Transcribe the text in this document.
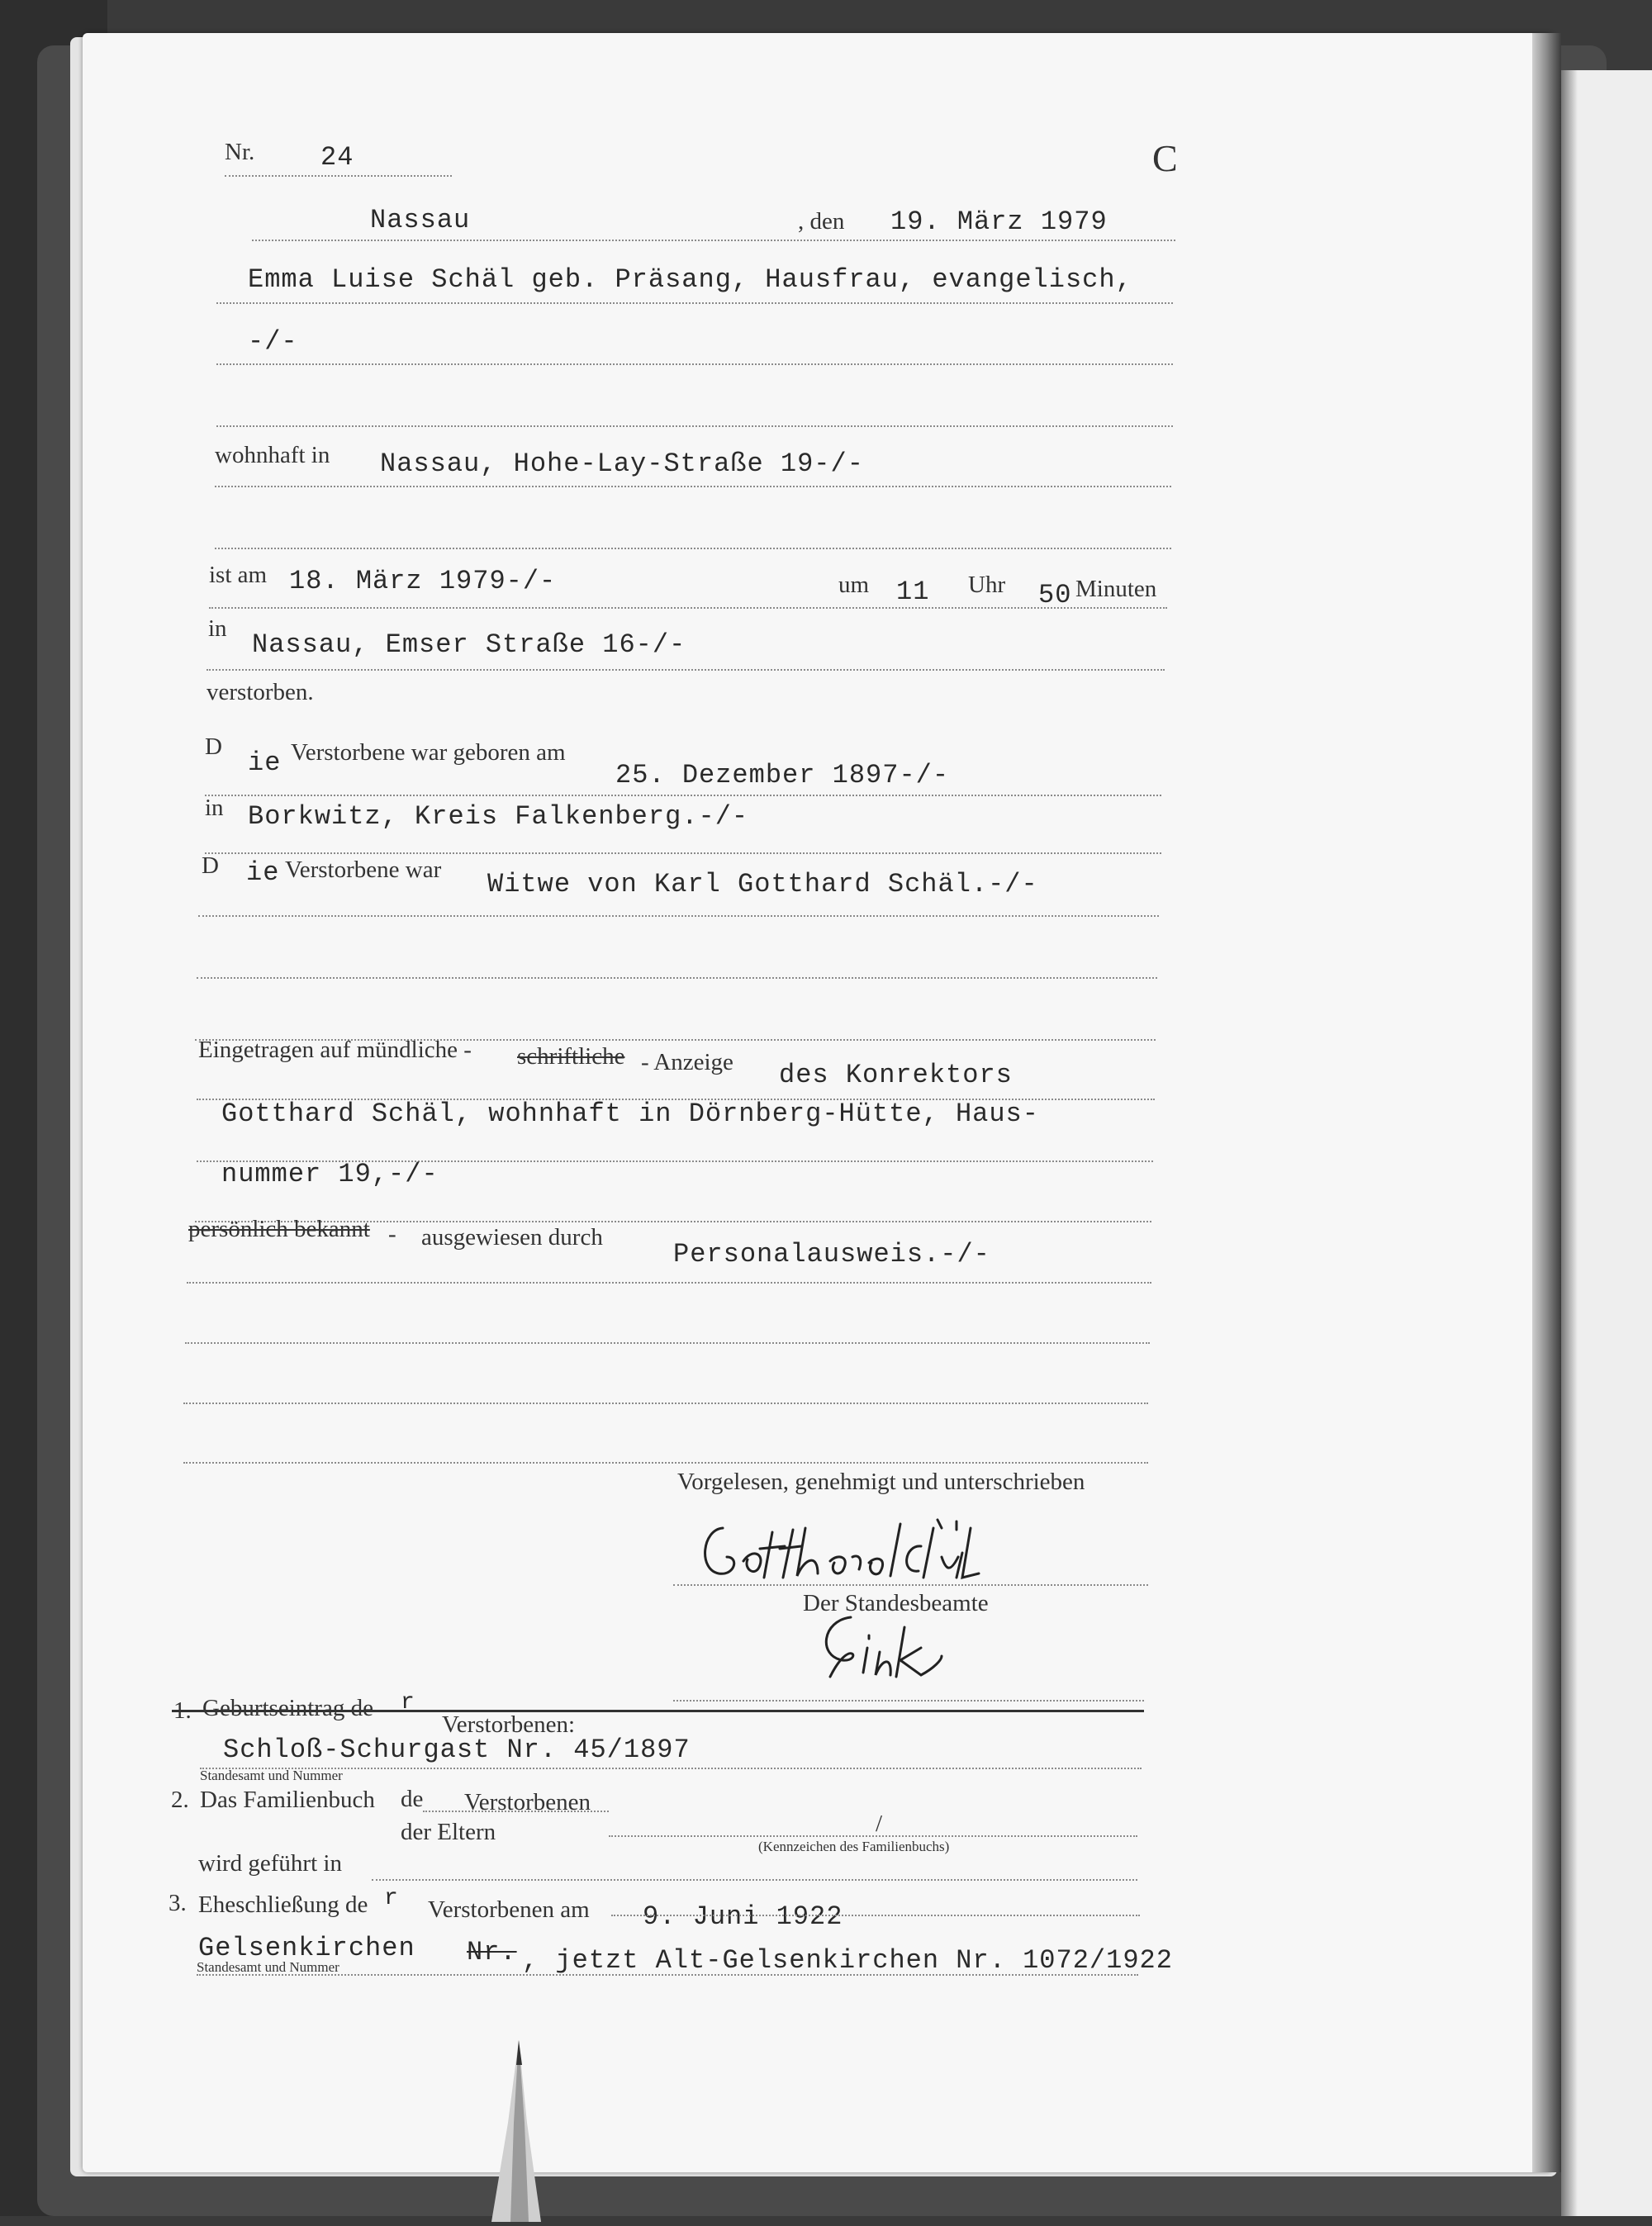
Nr. 24	C
Nassau	, den 19. März 1979
Emma Luise Schäl geb. Präsang, Hausfrau, evangelisch,
-/-
wohnhaft in Nassau, Hohe-Lay-Straße 19-/-
ist am 18. März 1979-/-	um 11 Uhr 50 Minuten
in
Nassau, Emser Straße 16-/-
verstorben.
D
ie Verstorbene war geboren am
25. Dezember 1897-/-
in Borkwitz, Kreis Falkenberg.-/-
D ie Verstorbene war Witwe von Karl Gotthard Schäl.-/-
Eingetragen auf mündliche - schriftliche - Anzeige des Konrektors
Gotthard Schäl, wohnhaft in Dörnberg-Hütte, Haus-
nummer 19,-/-
persönlich bekannt - ausgewiesen durch
Personalausweis.-/-
Vorgelesen, genehmigt und unterschrieben
Der Standesbeamte
1. Geburtseintrag de r
Verstorbenen:
Schloß-Schurgast Nr. 45/1897
Standesamt und Nummer
2. Das Familienbuch de Verstorbenen
der Eltern	/
(Kennzeichen des Familienbuchs)
wird geführt in
3. Eheschließung de r Verstorbenen am 9. Juni 1922
Gelsenkirchen Nr. , jetzt Alt-Gelsenkirchen Nr. 1072/1922
Standesamt und Nummer
